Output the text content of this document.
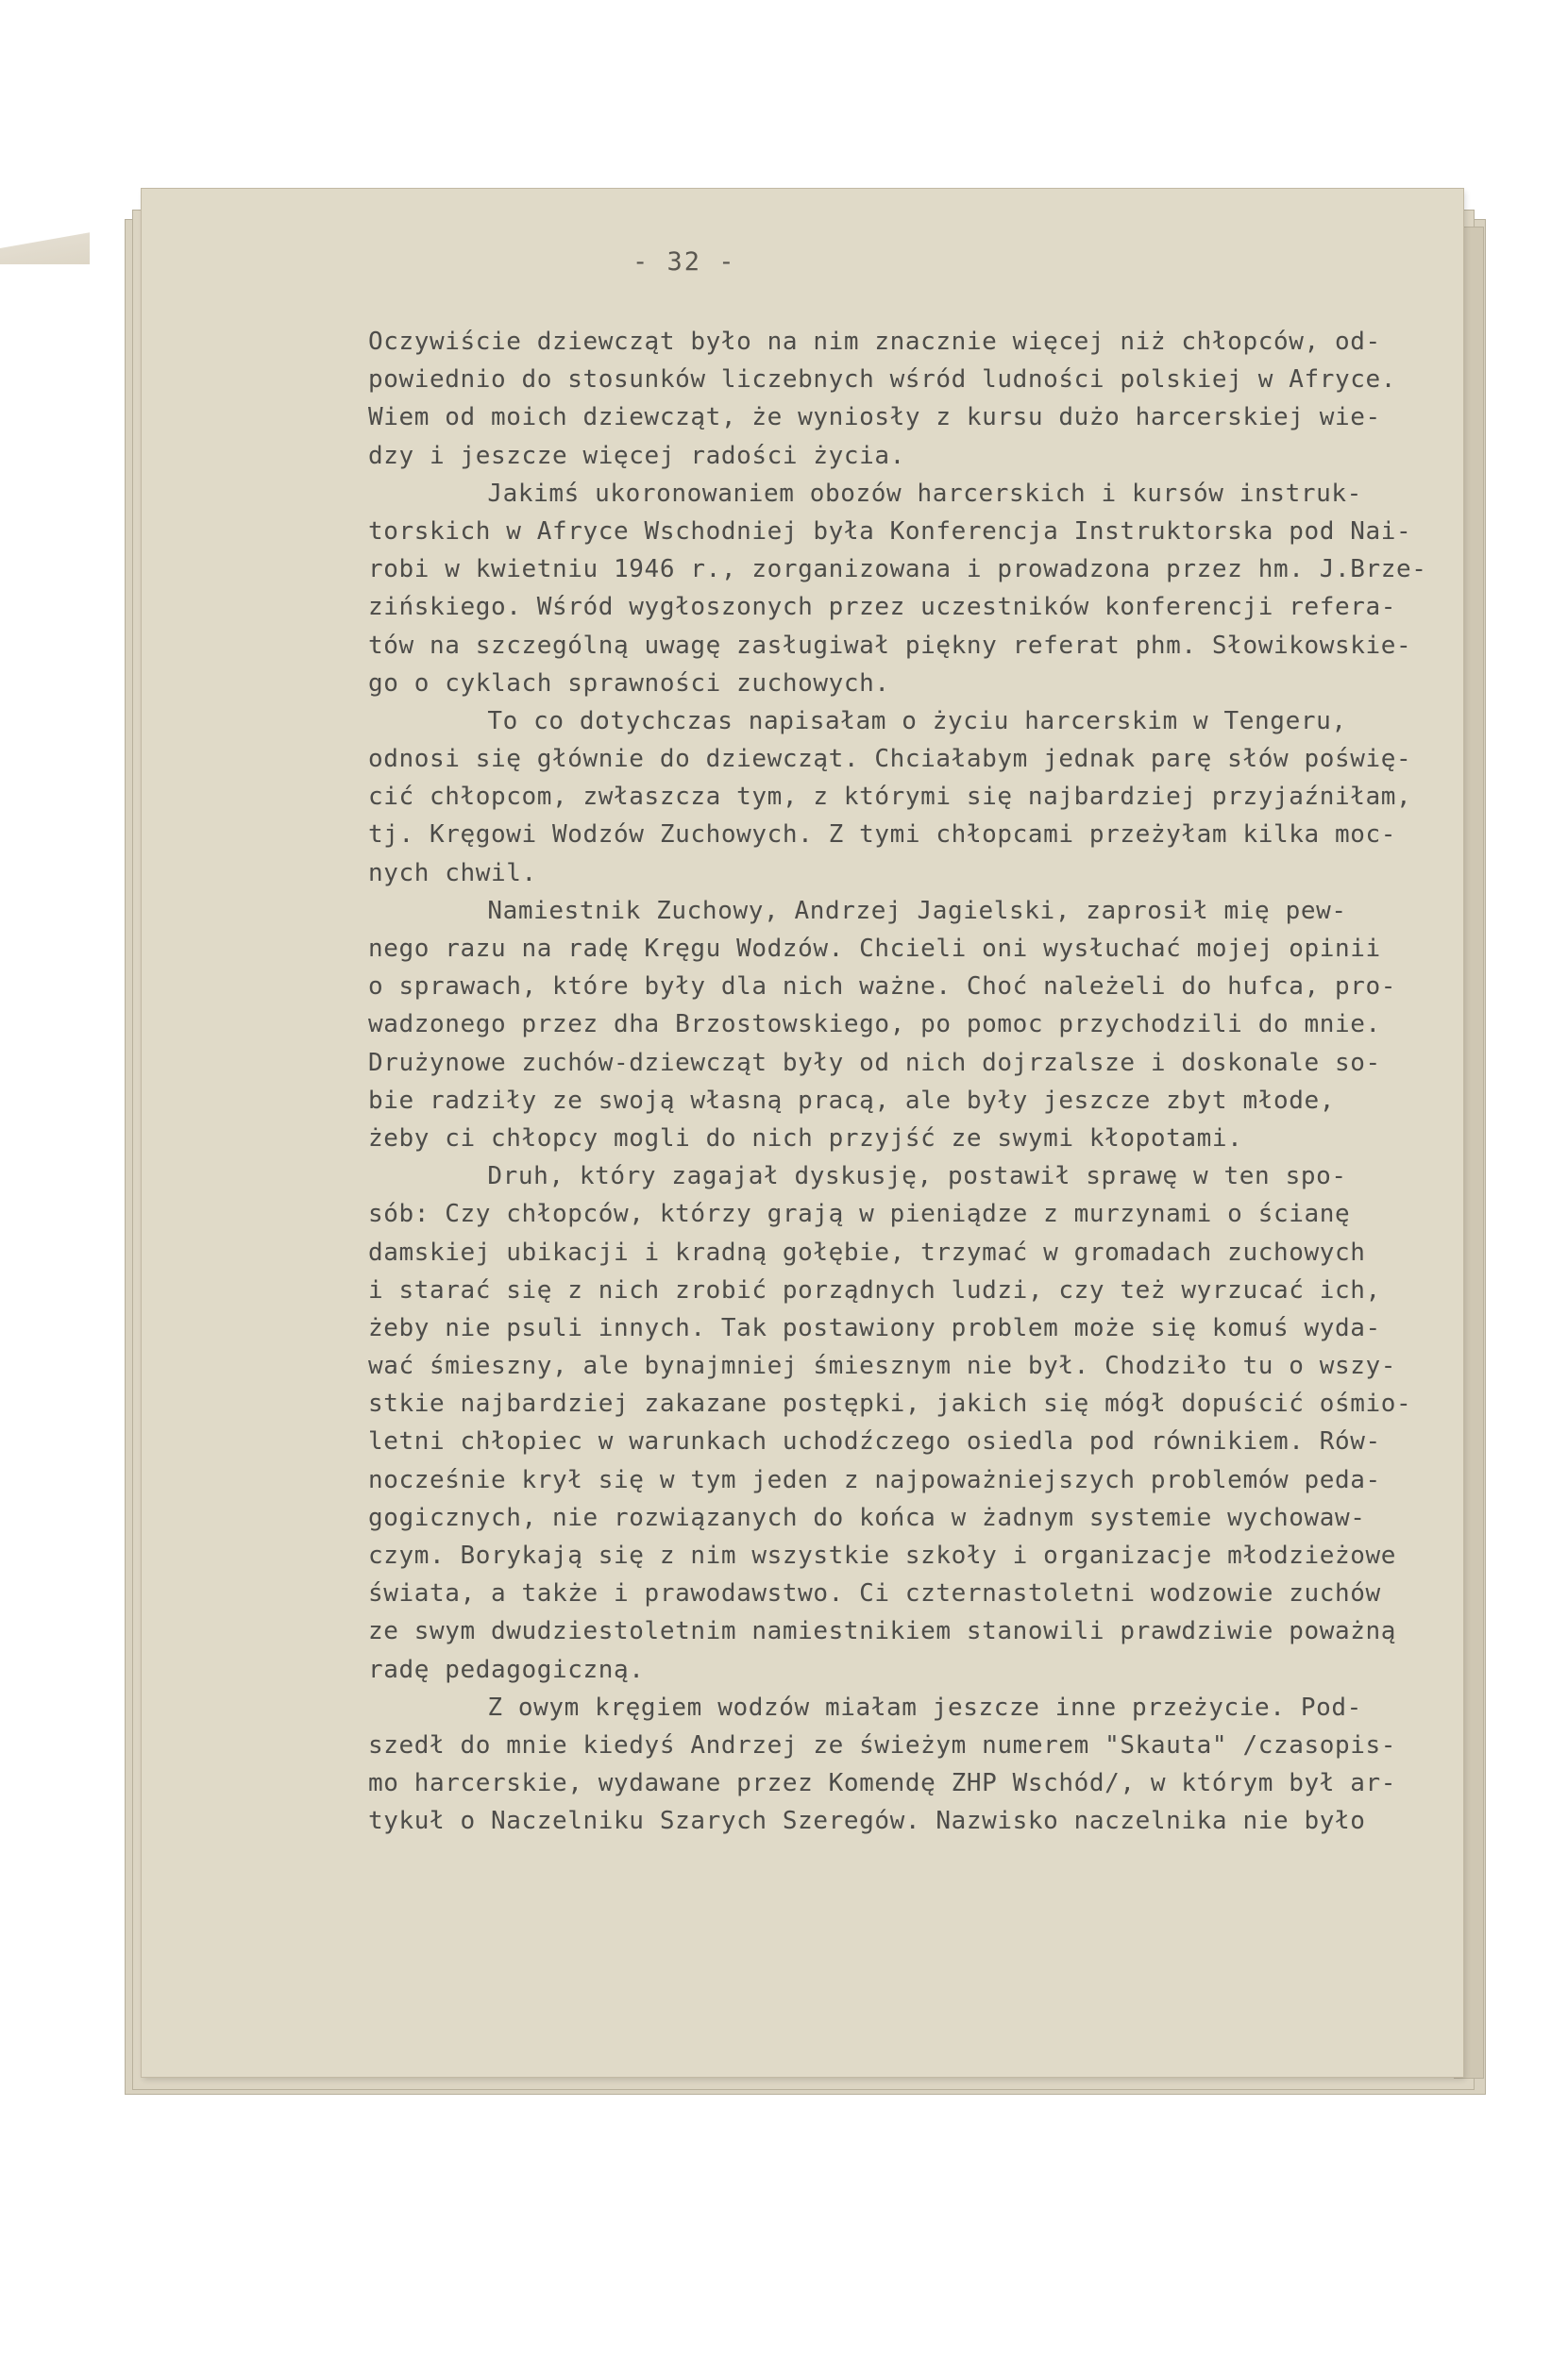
- 32 -
Oczywiście dziewcząt było na nim znacznie więcej niż chłopców, od-
powiednio do stosunków liczebnych wśród ludności polskiej w Afryce.
Wiem od moich dziewcząt, że wyniosły z kursu dużo harcerskiej wie-
dzy i jeszcze więcej radości życia.
Jakimś ukoronowaniem obozów harcerskich i kursów instruk-
torskich w Afryce Wschodniej była Konferencja Instruktorska pod Nai-
robi w kwietniu 1946 r., zorganizowana i prowadzona przez hm. J.Brze-
zińskiego. Wśród wygłoszonych przez uczestników konferencji refera-
tów na szczególną uwagę zasługiwał piękny referat phm. Słowikowskie-
go o cyklach sprawności zuchowych.
To co dotychczas napisałam o życiu harcerskim w Tengeru,
odnosi się głównie do dziewcząt. Chciałabym jednak parę słów poświę-
cić chłopcom, zwłaszcza tym, z którymi się najbardziej przyjaźniłam,
tj. Kręgowi Wodzów Zuchowych. Z tymi chłopcami przeżyłam kilka moc-
nych chwil.
Namiestnik Zuchowy, Andrzej Jagielski, zaprosił mię pew-
nego razu na radę Kręgu Wodzów. Chcieli oni wysłuchać mojej opinii
o sprawach, które były dla nich ważne. Choć należeli do hufca, pro-
wadzonego przez dha Brzostowskiego, po pomoc przychodzili do mnie.
Drużynowe zuchów-dziewcząt były od nich dojrzalsze i doskonale so-
bie radziły ze swoją własną pracą, ale były jeszcze zbyt młode,
żeby ci chłopcy mogli do nich przyjść ze swymi kłopotami.
Druh, który zagajał dyskusję, postawił sprawę w ten spo-
sób: Czy chłopców, którzy grają w pieniądze z murzynami o ścianę
damskiej ubikacji i kradną gołębie, trzymać w gromadach zuchowych
i starać się z nich zrobić porządnych ludzi, czy też wyrzucać ich,
żeby nie psuli innych. Tak postawiony problem może się komuś wyda-
wać śmieszny, ale bynajmniej śmiesznym nie był. Chodziło tu o wszy-
stkie najbardziej zakazane postępki, jakich się mógł dopuścić ośmio-
letni chłopiec w warunkach uchodźczego osiedla pod równikiem. Rów-
nocześnie krył się w tym jeden z najpoważniejszych problemów peda-
gogicznych, nie rozwiązanych do końca w żadnym systemie wychowaw-
czym. Borykają się z nim wszystkie szkoły i organizacje młodzieżowe
świata, a także i prawodawstwo. Ci czternastoletni wodzowie zuchów
ze swym dwudziestoletnim namiestnikiem stanowili prawdziwie poważną
radę pedagogiczną.
Z owym kręgiem wodzów miałam jeszcze inne przeżycie. Pod-
szedł do mnie kiedyś Andrzej ze świeżym numerem "Skauta" /czasopis-
mo harcerskie, wydawane przez Komendę ZHP Wschód/, w którym był ar-
tykuł o Naczelniku Szarych Szeregów. Nazwisko naczelnika nie było
